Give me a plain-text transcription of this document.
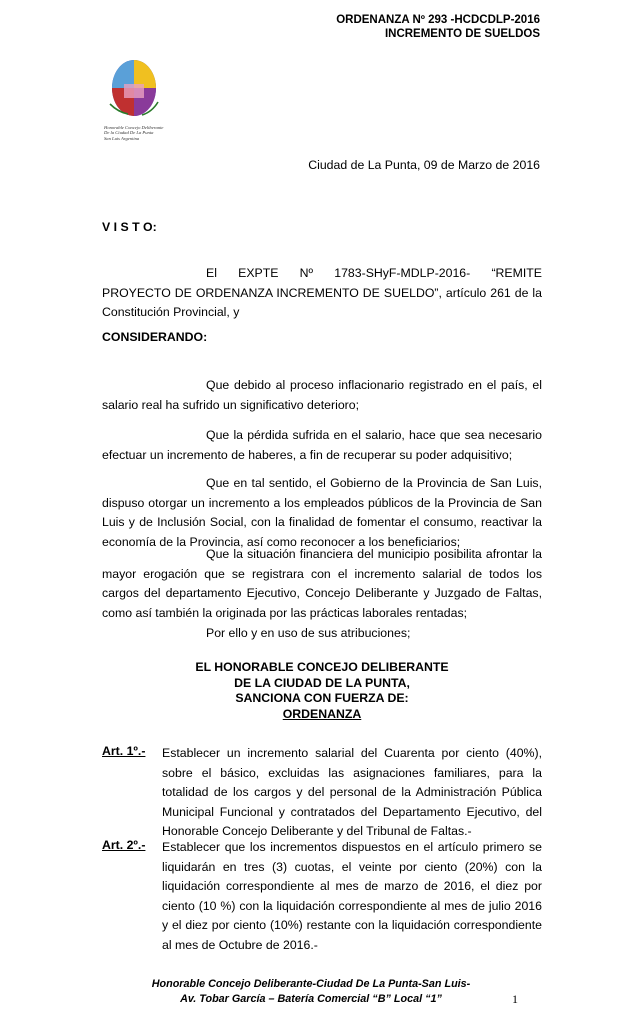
ORDENANZA Nº 293 -HCDCDLP-2016
INCREMENTO DE SUELDOS
Honorable Concejo Deliberante
De la Ciudad De La Punta
San Luis Argentina
Ciudad de La Punta, 09 de Marzo de 2016
V I S T O:
El EXPTE Nº 1783-SHyF-MDLP-2016- “REMITE PROYECTO DE ORDENANZA INCREMENTO DE SUELDO”, artículo 261 de la Constitución Provincial, y
CONSIDERANDO:
Que debido al proceso inflacionario registrado en el país, el salario real ha sufrido un significativo deterioro;
Que la pérdida sufrida en el salario, hace que sea necesario efectuar un incremento de haberes, a fin de recuperar su poder adquisitivo;
Que en tal sentido, el Gobierno de la Provincia de San Luis, dispuso otorgar un incremento a los empleados públicos de la Provincia de San Luis y de Inclusión Social, con la finalidad de fomentar el consumo, reactivar la economía de la Provincia, así como reconocer a los beneficiarios;
Que la situación financiera del municipio posibilita afrontar la mayor erogación que se registrara con el incremento salarial de todos los cargos del departamento Ejecutivo, Concejo Deliberante y Juzgado de Faltas, como así también la originada por las prácticas laborales rentadas;
Por ello y en uso de sus atribuciones;
EL HONORABLE CONCEJO DELIBERANTE
DE LA CIUDAD DE LA PUNTA,
SANCIONA CON FUERZA DE:
ORDENANZA
Art. 1º.- Establecer un incremento salarial del Cuarenta por ciento (40%), sobre el básico, excluidas las asignaciones familiares, para la totalidad de los cargos y del personal de la Administración Pública Municipal Funcional y contratados del Departamento Ejecutivo, del Honorable Concejo Deliberante y del Tribunal de Faltas.-
Art. 2º.- Establecer que los incrementos dispuestos en el artículo primero se liquidarán en tres (3) cuotas, el veinte por ciento (20%) con la liquidación correspondiente al mes de marzo de 2016, el diez por ciento (10 %) con la liquidación correspondiente al mes de julio 2016 y el diez por ciento (10%) restante con la liquidación correspondiente al mes de Octubre de 2016.-
Honorable Concejo Deliberante-Ciudad De La Punta-San Luis-
Av. Tobar García – Batería Comercial “B” Local “1”	1
